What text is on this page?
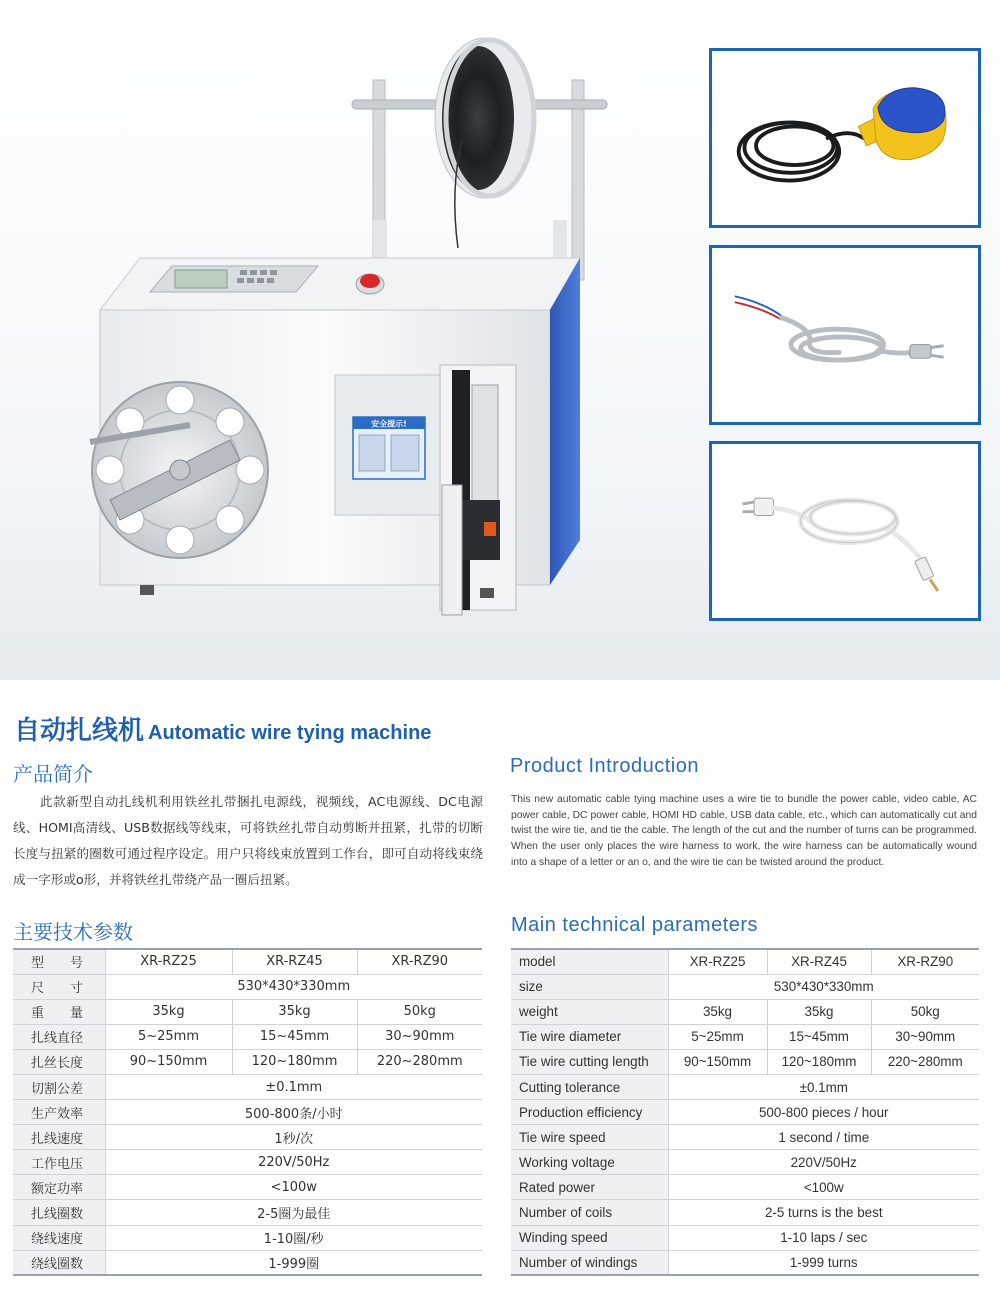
安全提示!
自动扎线机 Automatic wire tying machine
产品简介	Product Introduction

此款新型自动扎线机利用铁丝扎带捆扎电源线，视频线，AC电源线、DC电源线、HOMI高清线、USB数据线等线束，可将铁丝扎带自动剪断并扭紧，扎带的切断长度与扭紧的圈数可通过程序设定。用户只将线束放置到工作台，即可自动将线束绕成一字形或o形，并将铁丝扎带绕产品一圈后扭紧。

This new automatic cable tying machine uses a wire tie to bundle the power cable, video cable, AC power cable, DC power cable, HOMI HD cable, USB data cable, etc., which can automatically cut and twist the wire tie, and tie the cable. The length of the cut and the number of turns can be programmed. When the user only places the wire harness to work, the wire harness can be automatically wound into a shape of a letter or an o, and the wire tie can be twisted around the product.

主要技术参数	Main technical parameters
型　　号	XR-RZ25	XR-RZ45	XR-RZ90
尺　　寸	530*430*330mm		
重　　量	35kg	35kg	50kg
扎线直径	5~25mm	15~45mm	30~90mm
扎丝长度	90~150mm	120~180mm	220~280mm
切割公差	±0.1mm		
生产效率	500-800条/小时		
扎线速度	1秒/次		
工作电压	220V/50Hz		
额定功率	<100w		
扎线圈数	2-5圈为最佳		
绕线速度	1-10圈/秒		
绕线圈数	1-999圈		
model	XR-RZ25	XR-RZ45	XR-RZ90
size	530*430*330mm		
weight	35kg	35kg	50kg
Tie wire diameter	5~25mm	15~45mm	30~90mm
Tie wire cutting length	90~150mm	120~180mm	220~280mm
Cutting tolerance	±0.1mm		
Production efficiency	500-800 pieces / hour		
Tie wire speed	1 second / time		
Working voltage	220V/50Hz		
Rated power	<100w		
Number of coils	2-5 turns is the best		
Winding speed	1-10 laps / sec		
Number of windings	1-999 turns		
